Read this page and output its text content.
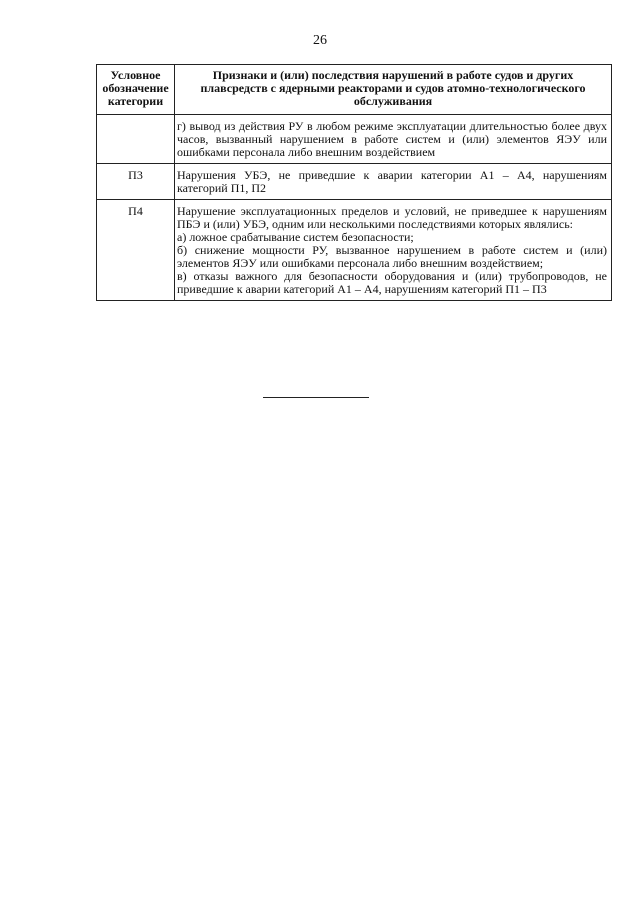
26
Условное обозначение категории	Признаки и (или) последствия нарушений в работе судов и других плавсредств с ядерными реакторами и судов атомно-технологического обслуживания

	г) вывод из действия РУ в любом режиме эксплуатации длительностью более двух часов, вызванный нарушением в работе систем и (или) элементов ЯЭУ или ошибками персонала либо внешним воздействием

П3	Нарушения УБЭ, не приведшие к аварии категории А1 – А4, нарушениям категорий П1, П2

П4	Нарушение эксплуатационных пределов и условий, не приведшее к нарушениям ПБЭ и (или) УБЭ, одним или несколькими последствиями которых являлись:
а) ложное срабатывание систем безопасности;
б) снижение мощности РУ, вызванное нарушением в работе систем и (или) элементов ЯЭУ или ошибками персонала либо внешним воздействием;
в) отказы важного для безопасности оборудования и (или) трубопроводов, не приведшие к аварии категорий А1 – А4, нарушениям категорий П1 – П3
